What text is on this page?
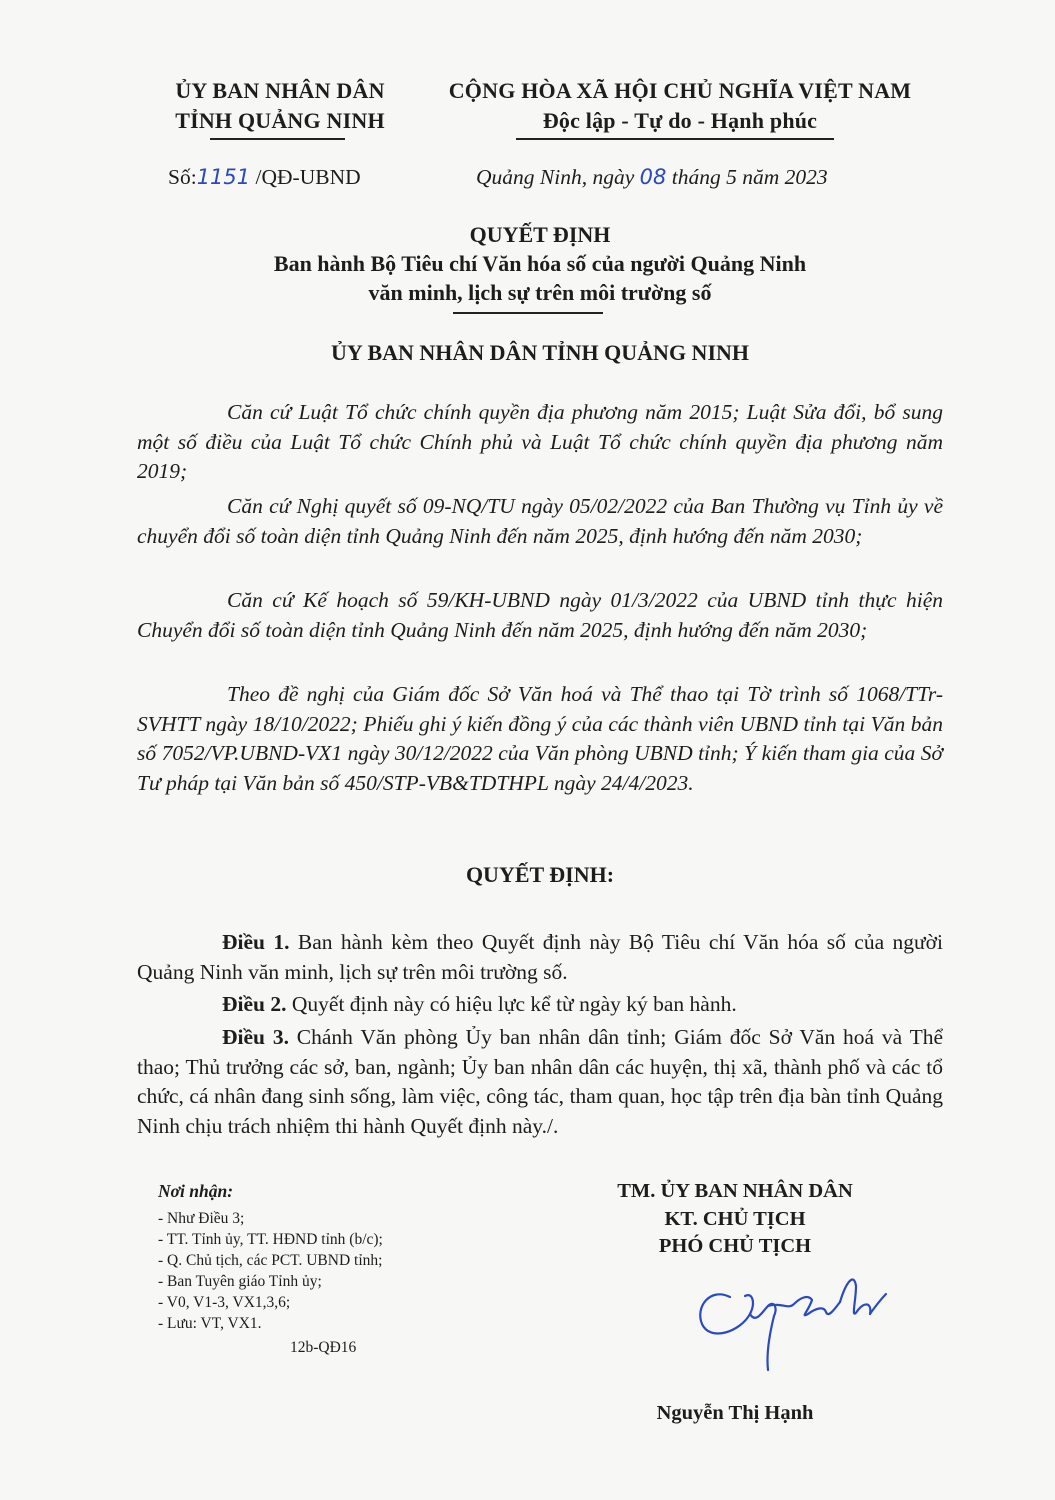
ỦY BAN NHÂN DÂN
TỈNH QUẢNG NINH
CỘNG HÒA XÃ HỘI CHỦ NGHĨA VIỆT NAM
Độc lập - Tự do - Hạnh phúc
Số:1151 /QĐ-UBND	Quảng Ninh, ngày 08 tháng 5 năm 2023
QUYẾT ĐỊNH
Ban hành Bộ Tiêu chí Văn hóa số của người Quảng Ninh
văn minh, lịch sự trên môi trường số
ỦY BAN NHÂN DÂN TỈNH QUẢNG NINH

Căn cứ Luật Tổ chức chính quyền địa phương năm 2015; Luật Sửa đổi, bổ sung một số điều của Luật Tổ chức Chính phủ và Luật Tổ chức chính quyền địa phương năm 2019;

Căn cứ Nghị quyết số 09-NQ/TU ngày 05/02/2022 của Ban Thường vụ Tỉnh ủy về chuyển đổi số toàn diện tỉnh Quảng Ninh đến năm 2025, định hướng đến năm 2030;

Căn cứ Kế hoạch số 59/KH-UBND ngày 01/3/2022 của UBND tỉnh thực hiện Chuyển đổi số toàn diện tỉnh Quảng Ninh đến năm 2025, định hướng đến năm 2030;

Theo đề nghị của Giám đốc Sở Văn hoá và Thể thao tại Tờ trình số 1068/TTr-SVHTT ngày 18/10/2022; Phiếu ghi ý kiến đồng ý của các thành viên UBND tỉnh tại Văn bản số 7052/VP.UBND-VX1 ngày 30/12/2022 của Văn phòng UBND tỉnh; Ý kiến tham gia của Sở Tư pháp tại Văn bản số 450/STP-VB&TDTHPL ngày 24/4/2023.

QUYẾT ĐỊNH:

Điều 1. Ban hành kèm theo Quyết định này Bộ Tiêu chí Văn hóa số của người Quảng Ninh văn minh, lịch sự trên môi trường số.

Điều 2. Quyết định này có hiệu lực kể từ ngày ký ban hành.

Điều 3. Chánh Văn phòng Ủy ban nhân dân tỉnh; Giám đốc Sở Văn hoá và Thể thao; Thủ trưởng các sở, ban, ngành; Ủy ban nhân dân các huyện, thị xã, thành phố và các tổ chức, cá nhân đang sinh sống, làm việc, công tác, tham quan, học tập trên địa bàn tỉnh Quảng Ninh chịu trách nhiệm thi hành Quyết định này./.

Nơi nhận:
- Như Điều 3;
- TT. Tỉnh ủy, TT. HĐND tỉnh (b/c);
- Q. Chủ tịch, các PCT. UBND tỉnh;
- Ban Tuyên giáo Tỉnh ủy;
- V0, V1-3, VX1,3,6;
- Lưu: VT, VX1.
12b-QĐ16
TM. ỦY BAN NHÂN DÂN
KT. CHỦ TỊCH
PHÓ CHỦ TỊCH
Nguyễn Thị Hạnh
